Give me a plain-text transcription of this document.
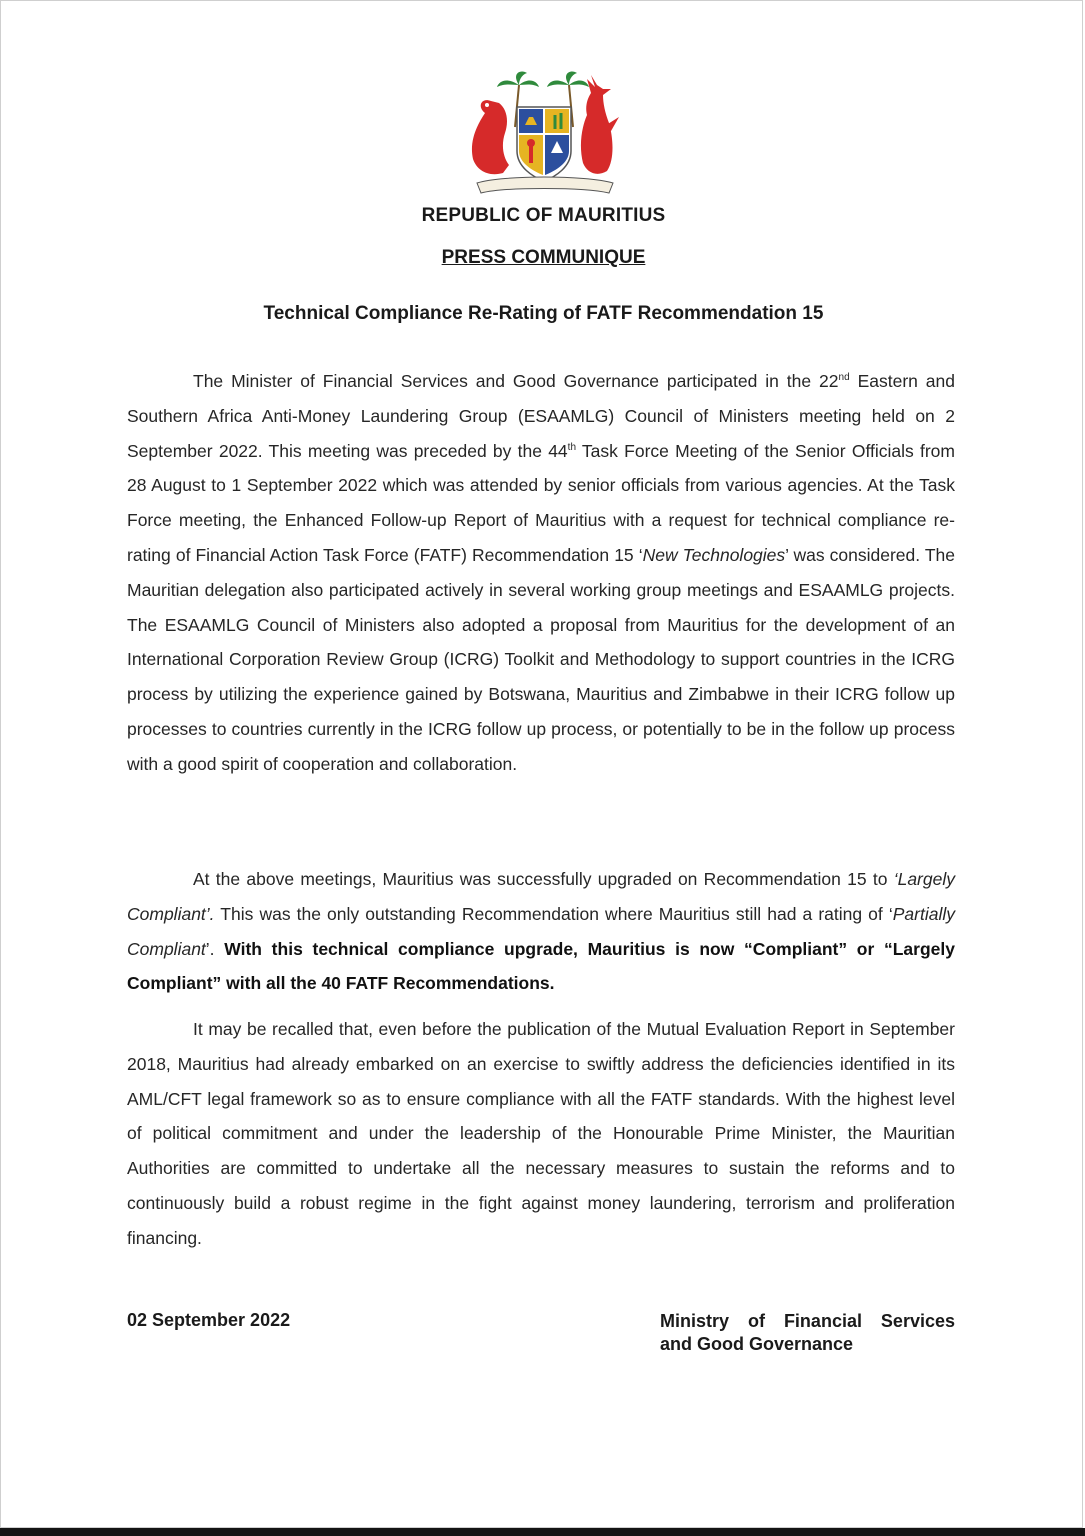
REPUBLIC OF MAURITIUS
PRESS COMMUNIQUE
Technical Compliance Re-Rating of FATF Recommendation 15

The Minister of Financial Services and Good Governance participated in the 22nd Eastern and Southern Africa Anti-Money Laundering Group (ESAAMLG) Council of Ministers meeting held on 2 September 2022. This meeting was preceded by the 44th Task Force Meeting of the Senior Officials from 28 August to 1 September 2022 which was attended by senior officials from various agencies. At the Task Force meeting, the Enhanced Follow-up Report of Mauritius with a request for technical compliance re-rating of Financial Action Task Force (FATF) Recommendation 15 ‘New Technologies’ was considered. The Mauritian delegation also participated actively in several working group meetings and ESAAMLG projects. The ESAAMLG Council of Ministers also adopted a proposal from Mauritius for the development of an International Corporation Review Group (ICRG) Toolkit and Methodology to support countries in the ICRG process by utilizing the experience gained by Botswana, Mauritius and Zimbabwe in their ICRG follow up processes to countries currently in the ICRG follow up process, or potentially to be in the follow up process with a good spirit of cooperation and collaboration.

At the above meetings, Mauritius was successfully upgraded on Recommendation 15 to ‘Largely Compliant’. This was the only outstanding Recommendation where Mauritius still had a rating of ‘Partially Compliant’. With this technical compliance upgrade, Mauritius is now “Compliant” or “Largely Compliant” with all the 40 FATF Recommendations.

It may be recalled that, even before the publication of the Mutual Evaluation Report in September 2018, Mauritius had already embarked on an exercise to swiftly address the deficiencies identified in its AML/CFT legal framework so as to ensure compliance with all the FATF standards. With the highest level of political commitment and under the leadership of the Honourable Prime Minister, the Mauritian Authorities are committed to undertake all the necessary measures to sustain the reforms and to continuously build a robust regime in the fight against money laundering, terrorism and proliferation financing.

02 September 2022	Ministry of Financial Services
and Good Governance
